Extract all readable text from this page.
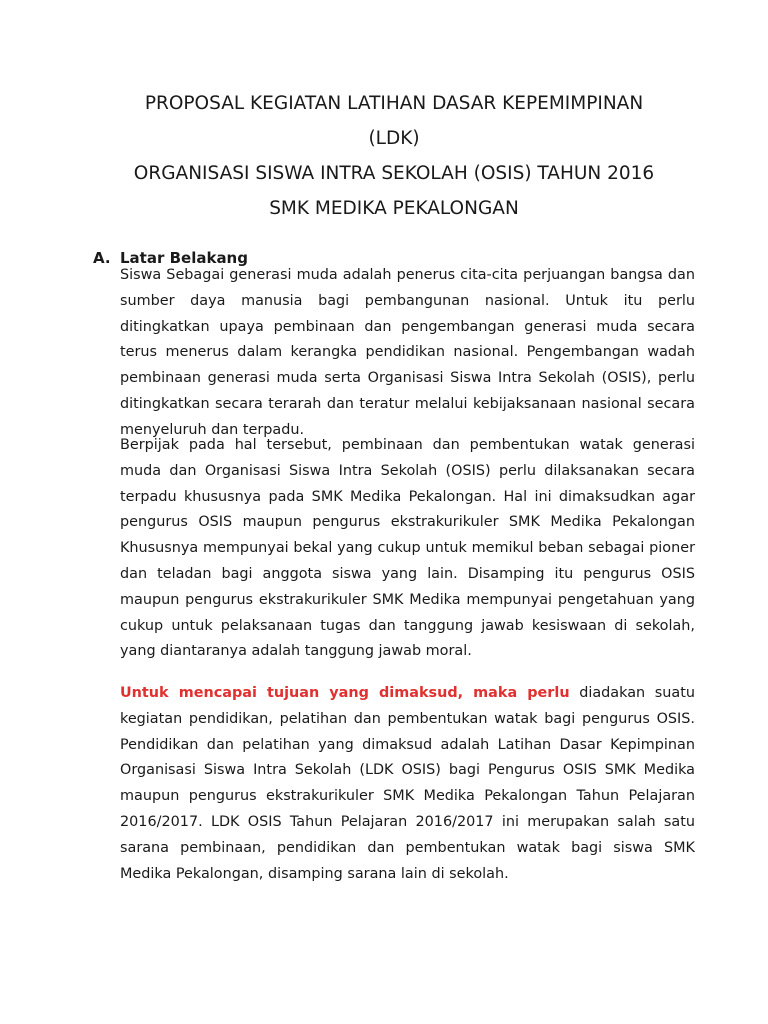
PROPOSAL KEGIATAN LATIHAN DASAR KEPEMIMPINAN
(LDK)
ORGANISASI SISWA INTRA SEKOLAH (OSIS) TAHUN 2016
SMK MEDIKA PEKALONGAN
A. Latar Belakang
Siswa Sebagai generasi muda adalah penerus cita-cita perjuangan bangsa dan sumber daya manusia bagi pembangunan nasional. Untuk itu perlu ditingkatkan upaya pembinaan dan pengembangan generasi muda secara terus menerus dalam kerangka pendidikan nasional. Pengembangan wadah pembinaan generasi muda serta Organisasi Siswa Intra Sekolah (OSIS), perlu ditingkatkan secara terarah dan teratur melalui kebijaksanaan nasional secara menyeluruh dan terpadu.
Berpijak pada hal tersebut, pembinaan dan pembentukan watak generasi muda dan Organisasi Siswa Intra Sekolah (OSIS) perlu dilaksanakan secara terpadu khususnya pada SMK Medika Pekalongan. Hal ini dimaksudkan agar pengurus OSIS maupun pengurus ekstrakurikuler SMK Medika Pekalongan Khususnya mempunyai bekal yang cukup untuk memikul beban sebagai pioner dan teladan bagi anggota siswa yang lain. Disamping itu pengurus OSIS maupun pengurus ekstrakurikuler SMK Medika mempunyai pengetahuan yang cukup untuk pelaksanaan tugas dan tanggung jawab kesiswaan di sekolah, yang diantaranya adalah tanggung jawab moral.
Untuk mencapai tujuan yang dimaksud, maka perlu diadakan suatu kegiatan pendidikan, pelatihan dan pembentukan watak bagi pengurus OSIS. Pendidikan dan pelatihan yang dimaksud adalah Latihan Dasar Kepimpinan Organisasi Siswa Intra Sekolah (LDK OSIS) bagi Pengurus OSIS SMK Medika maupun pengurus ekstrakurikuler SMK Medika Pekalongan Tahun Pelajaran 2016/2017. LDK OSIS Tahun Pelajaran 2016/2017 ini merupakan salah satu sarana pembinaan, pendidikan dan pembentukan watak bagi siswa SMK Medika Pekalongan, disamping sarana lain di sekolah.
